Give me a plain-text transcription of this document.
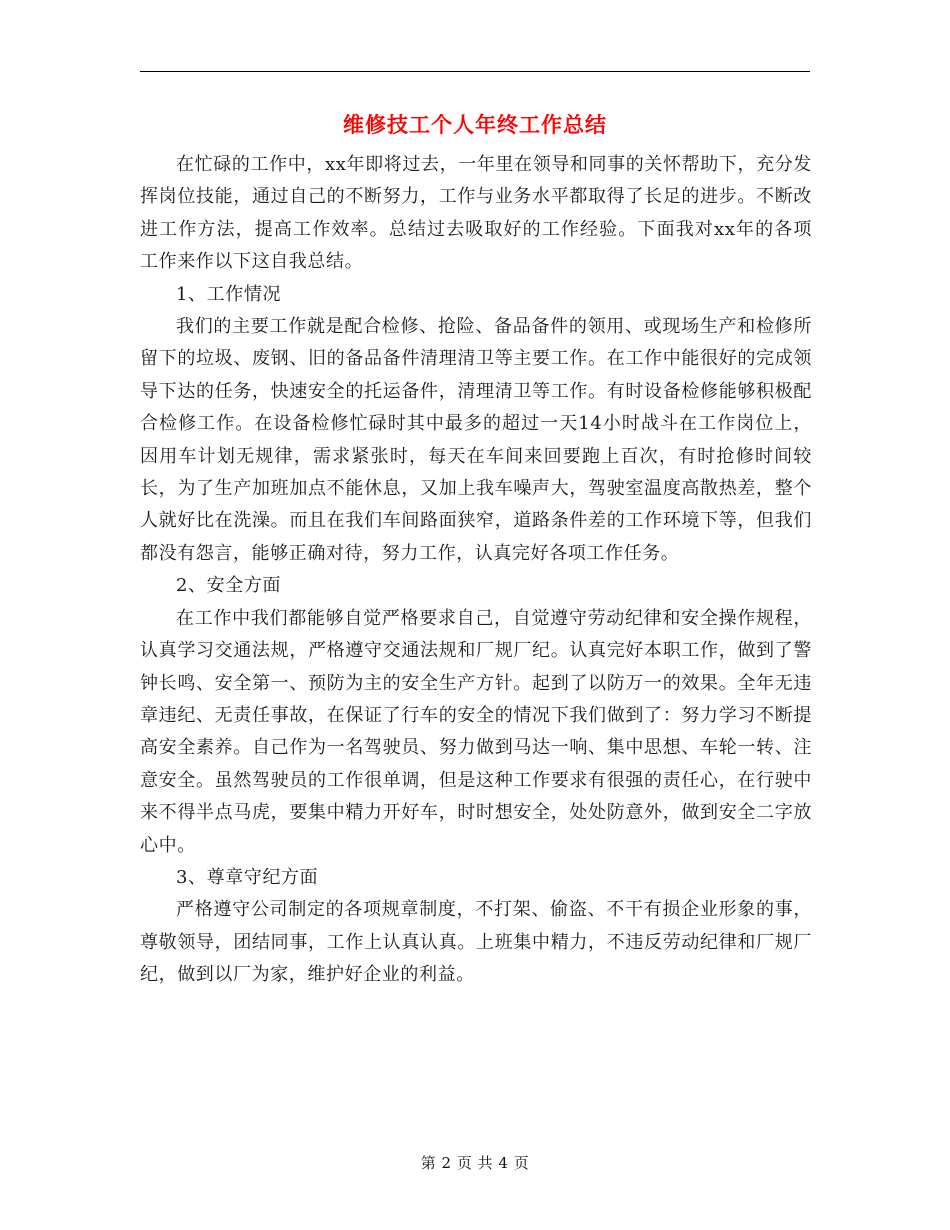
维修技工个人年终工作总结

在忙碌的工作中，xx年即将过去，一年里在领导和同事的关怀帮助下，充分发挥岗位技能，通过自己的不断努力，工作与业务水平都取得了长足的进步。不断改进工作方法，提高工作效率。总结过去吸取好的工作经验。下面我对xx年的各项工作来作以下这自我总结。

1、工作情况

我们的主要工作就是配合检修、抢险、备品备件的领用、或现场生产和检修所留下的垃圾、废钢、旧的备品备件清理清卫等主要工作。在工作中能很好的完成领导下达的任务，快速安全的托运备件，清理清卫等工作。有时设备检修能够积极配合检修工作。在设备检修忙碌时其中最多的超过一天14小时战斗在工作岗位上，因用车计划无规律，需求紧张时，每天在车间来回要跑上百次，有时抢修时间较长，为了生产加班加点不能休息，又加上我车噪声大，驾驶室温度高散热差，整个人就好比在洗澡。而且在我们车间路面狭窄，道路条件差的工作环境下等，但我们都没有怨言，能够正确对待，努力工作，认真完好各项工作任务。

2、安全方面

在工作中我们都能够自觉严格要求自己，自觉遵守劳动纪律和安全操作规程，认真学习交通法规，严格遵守交通法规和厂规厂纪。认真完好本职工作，做到了警钟长鸣、安全第一、预防为主的安全生产方针。起到了以防万一的效果。全年无违章违纪、无责任事故，在保证了行车的安全的情况下我们做到了：努力学习不断提高安全素养。自己作为一名驾驶员、努力做到马达一响、集中思想、车轮一转、注意安全。虽然驾驶员的工作很单调，但是这种工作要求有很强的责任心，在行驶中来不得半点马虎，要集中精力开好车，时时想安全，处处防意外，做到安全二字放心中。

3、尊章守纪方面

严格遵守公司制定的各项规章制度，不打架、偷盗、不干有损企业形象的事，尊敬领导，团结同事，工作上认真认真。上班集中精力，不违反劳动纪律和厂规厂纪，做到以厂为家，维护好企业的利益。

第 2 页 共 4 页
